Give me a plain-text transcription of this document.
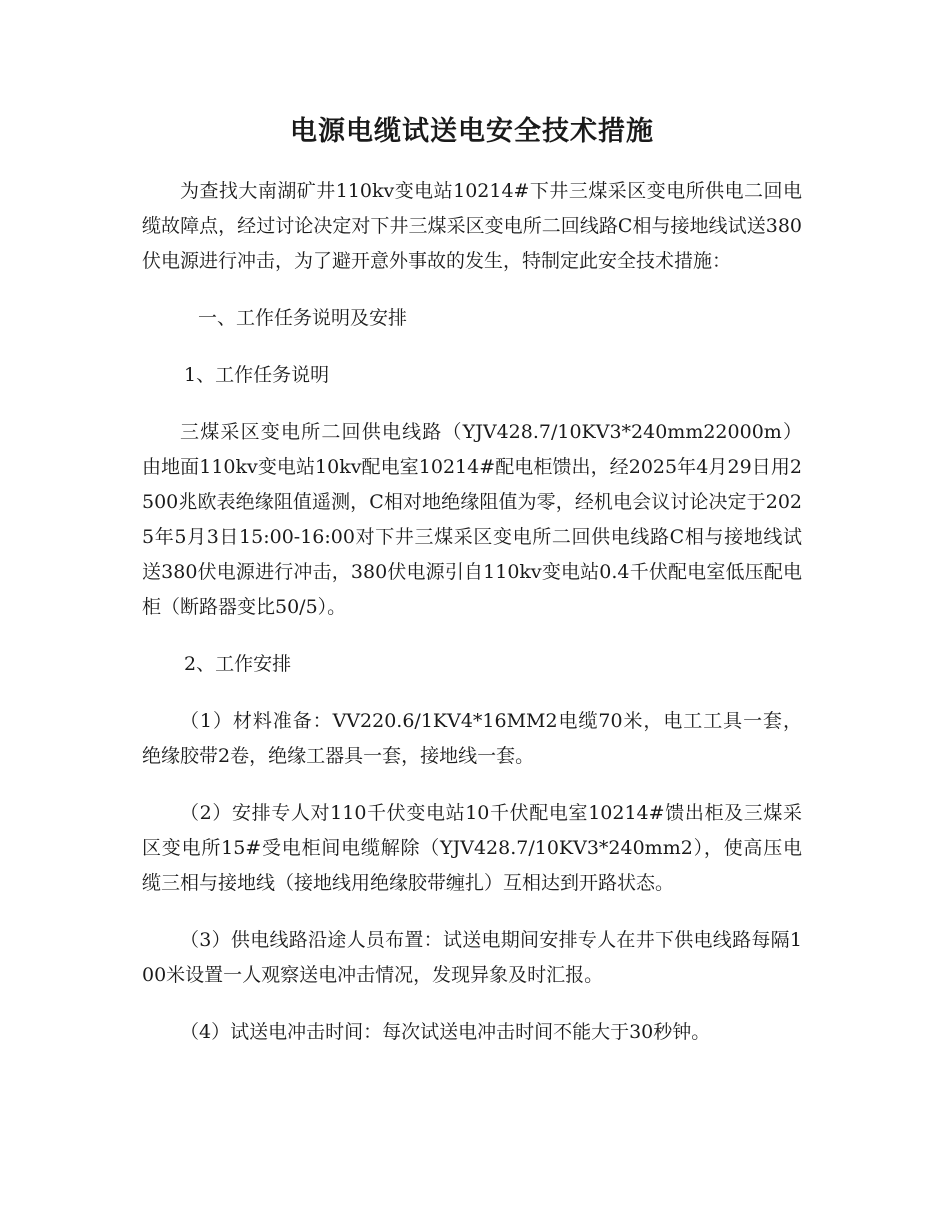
电源电缆试送电安全技术措施

为查找大南湖矿井110kv变电站10214#下井三煤采区变电所供电二回电缆故障点，经过讨论决定对下井三煤采区变电所二回线路C相与接地线试送380伏电源进行冲击，为了避开意外事故的发生，特制定此安全技术措施：

一、工作任务说明及安排

1、工作任务说明

三煤采区变电所二回供电线路（YJV428.7/10KV3*240mm22000m）由地面110kv变电站10kv配电室10214#配电柜馈出，经2025年4月29日用2500兆欧表绝缘阻值遥测，C相对地绝缘阻值为零，经机电会议讨论决定于2025年5月3日15:00-16:00对下井三煤采区变电所二回供电线路C相与接地线试送380伏电源进行冲击，380伏电源引自110kv变电站0.4千伏配电室低压配电柜（断路器变比50/5）。

2、工作安排

（1）材料准备：VV220.6/1KV4*16MM2电缆70米，电工工具一套，绝缘胶带2卷，绝缘工器具一套，接地线一套。

（2）安排专人对110千伏变电站10千伏配电室10214#馈出柜及三煤采区变电所15#受电柜间电缆解除（YJV428.7/10KV3*240mm2），使高压电缆三相与接地线（接地线用绝缘胶带缠扎）互相达到开路状态。

（3）供电线路沿途人员布置：试送电期间安排专人在井下供电线路每隔100米设置一人观察送电冲击情况，发现异象及时汇报。

（4）试送电冲击时间：每次试送电冲击时间不能大于30秒钟。
